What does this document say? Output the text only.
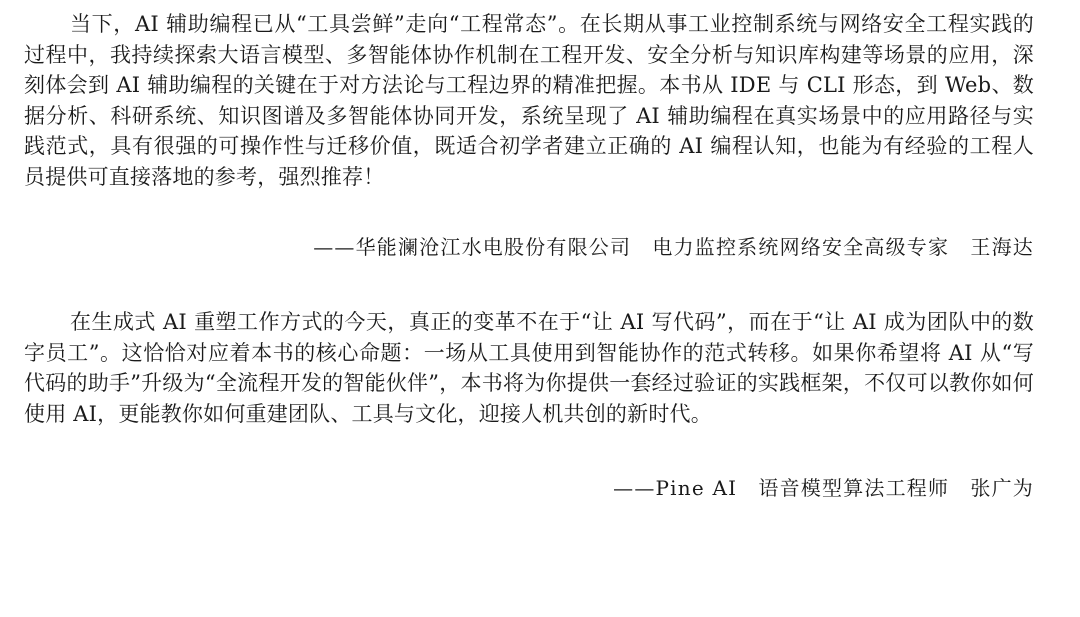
当下，AI 辅助编程已从“工具尝鲜”走向“工程常态”。在长期从事工业控制系统与网络安全工程实践的过程中，我持续探索大语言模型、多智能体协作机制在工程开发、安全分析与知识库构建等场景的应用，深刻体会到 AI 辅助编程的关键在于对方法论与工程边界的精准把握。本书从 IDE 与 CLI 形态，到 Web、数据分析、科研系统、知识图谱及多智能体协同开发，系统呈现了 AI 辅助编程在真实场景中的应用路径与实践范式，具有很强的可操作性与迁移价值，既适合初学者建立正确的 AI 编程认知，也能为有经验的工程人员提供可直接落地的参考，强烈推荐！

——华能澜沧江水电股份有限公司　电力监控系统网络安全高级专家　王海达

在生成式 AI 重塑工作方式的今天，真正的变革不在于“让 AI 写代码”，而在于“让 AI 成为团队中的数字员工”。这恰恰对应着本书的核心命题：一场从工具使用到智能协作的范式转移。如果你希望将 AI 从“写代码的助手”升级为“全流程开发的智能伙伴”，本书将为你提供一套经过验证的实践框架，不仅可以教你如何使用 AI，更能教你如何重建团队、工具与文化，迎接人机共创的新时代。

——Pine AI　语音模型算法工程师　张广为
